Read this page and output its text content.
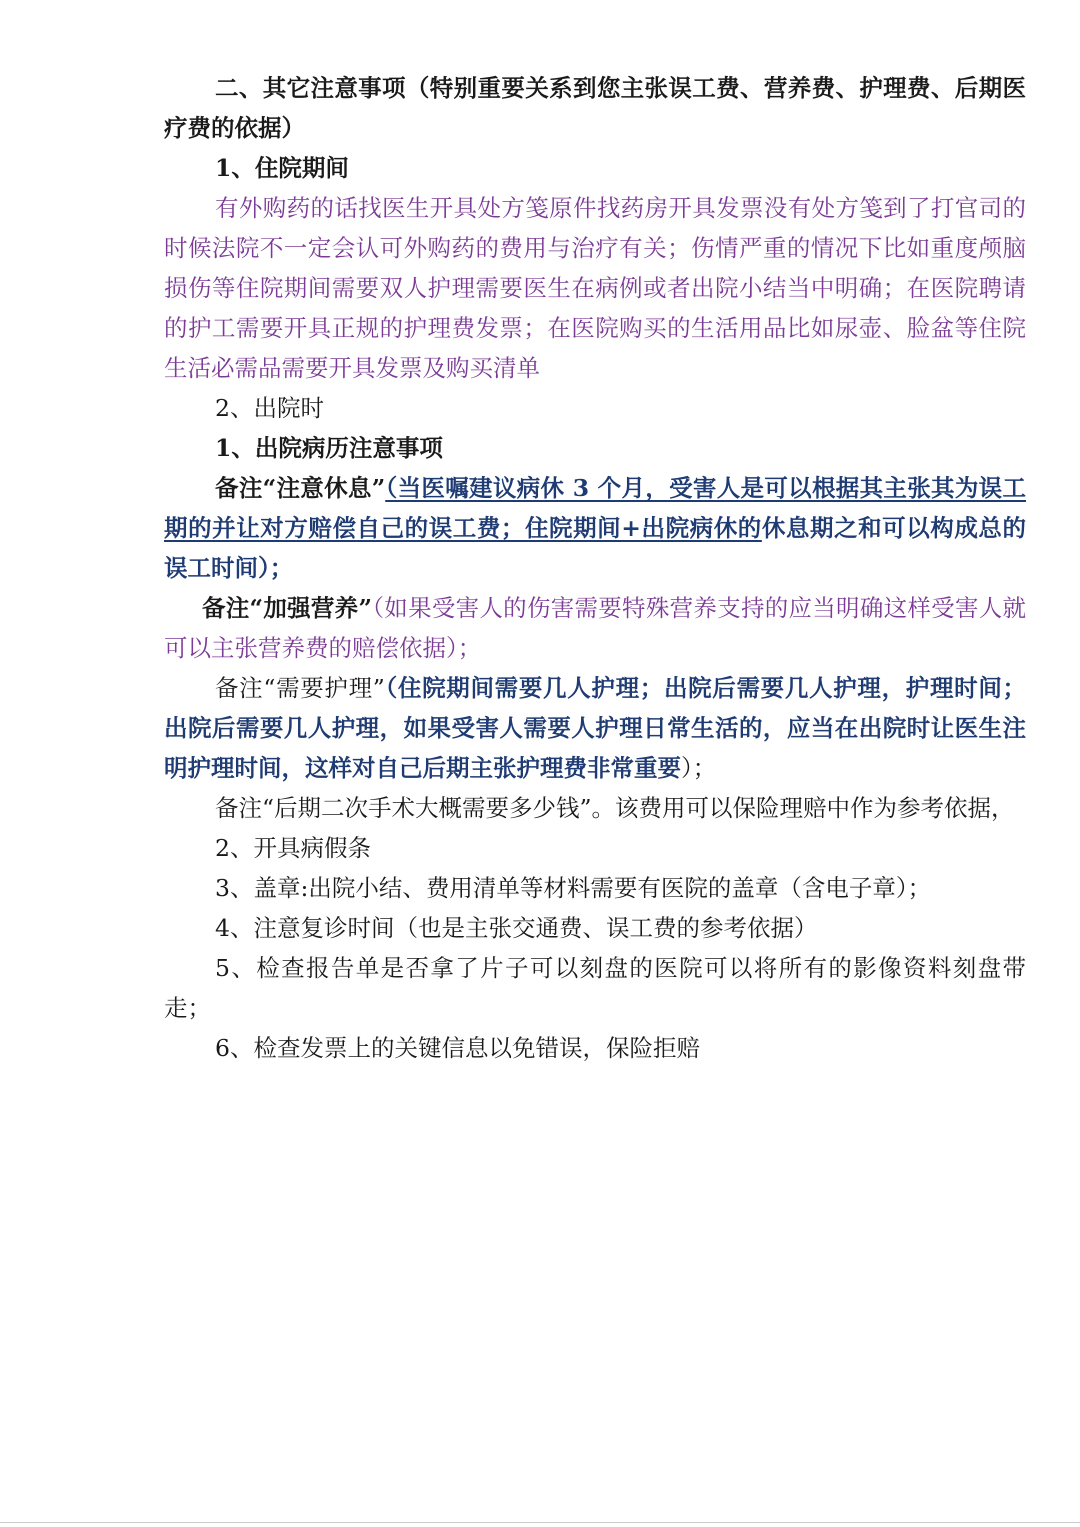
二、其它注意事项（特别重要关系到您主张误工费、营养费、护理费、后期医疗费的依据）

1、住院期间

有外购药的话找医生开具处方笺原件找药房开具发票没有处方笺到了打官司的时候法院不一定会认可外购药的费用与治疗有关；伤情严重的情况下比如重度颅脑损伤等住院期间需要双人护理需要医生在病例或者出院小结当中明确；在医院聘请的护工需要开具正规的护理费发票；在医院购买的生活用品比如尿壶、脸盆等住院生活必需品需要开具发票及购买清单

2、出院时

1、出院病历注意事项

备注“注意休息”（当医嘱建议病休 3 个月，受害人是可以根据其主张其为误工期的并让对方赔偿自己的误工费；住院期间+出院病休的休息期之和可以构成总的误工时间）；

备注“加强营养”（如果受害人的伤害需要特殊营养支持的应当明确这样受害人就可以主张营养费的赔偿依据）；

备注“需要护理”（住院期间需要几人护理；出院后需要几人护理，护理时间；出院后需要几人护理，如果受害人需要人护理日常生活的，应当在出院时让医生注明护理时间，这样对自己后期主张护理费非常重要）；

备注“后期二次手术大概需要多少钱”。该费用可以保险理赔中作为参考依据，

2、开具病假条

3、盖章:出院小结、费用清单等材料需要有医院的盖章（含电子章）；

4、注意复诊时间（也是主张交通费、误工费的参考依据）

5、检查报告单是否拿了片子可以刻盘的医院可以将所有的影像资料刻盘带走；

6、检查发票上的关键信息以免错误，保险拒赔
